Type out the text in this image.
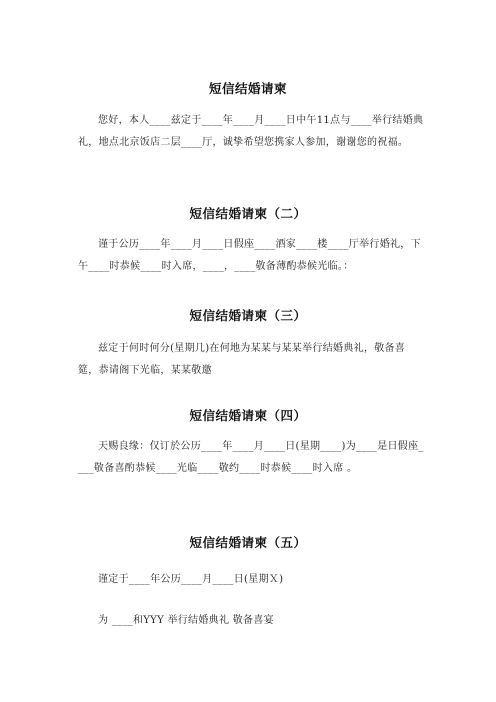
短信结婚请柬
您好，本人____兹定于____年____月____日中午11点与____举行结婚典礼，地点北京饭店二层____厅，诚挚希望您携家人参加，谢谢您的祝福。
短信结婚请柬（二）
谨于公历____年____月____日假座____酒家____楼____厅举行婚礼，下午____时恭候____时入席，____，____敬备薄酌恭候光临。：
短信结婚请柬（三）
兹定于何时何分(星期几)在何地为某某与某某举行结婚典礼，敬备喜筵，恭请阁下光临，某某敬邀
短信结婚请柬（四）
天赐良缘：仅订於公历____年____月____日(星期____)为____是日假座____敬备喜酌恭候____光临____敬约____时恭候____时入席 。
短信结婚请柬（五）
谨定于____年公历____月____日(星期Ｘ)
为 ____和YYY 举行结婚典礼 敬备喜宴
